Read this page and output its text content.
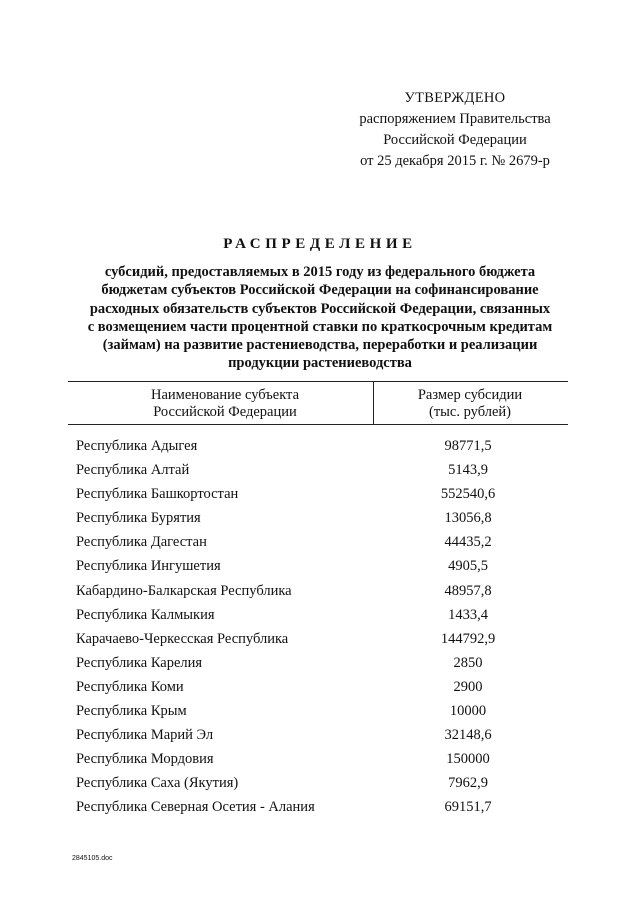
УТВЕРЖДЕНО
распоряжением Правительства
Российской Федерации
от 25 декабря 2015 г. № 2679-р
РАСПРЕДЕЛЕНИЕ
субсидий, предоставляемых в 2015 году из федерального бюджета
бюджетам субъектов Российской Федерации на софинансирование
расходных обязательств субъектов Российской Федерации, связанных
с возмещением части процентной ставки по краткосрочным кредитам
(займам) на развитие растениеводства, переработки и реализации
продукции растениеводства
Наименование субъекта
Российской Федерации
Размер субсидии
(тыс. рублей)
Республика Адыгея	98771,5
Республика Алтай	5143,9
Республика Башкортостан	552540,6
Республика Бурятия	13056,8
Республика Дагестан	44435,2
Республика Ингушетия	4905,5
Кабардино-Балкарская Республика	48957,8
Республика Калмыкия	1433,4
Карачаево-Черкесская Республика	144792,9
Республика Карелия	2850
Республика Коми	2900
Республика Крым	10000
Республика Марий Эл	32148,6
Республика Мордовия	150000
Республика Саха (Якутия)	7962,9
Республика Северная Осетия - Алания	69151,7
2845105.doc
